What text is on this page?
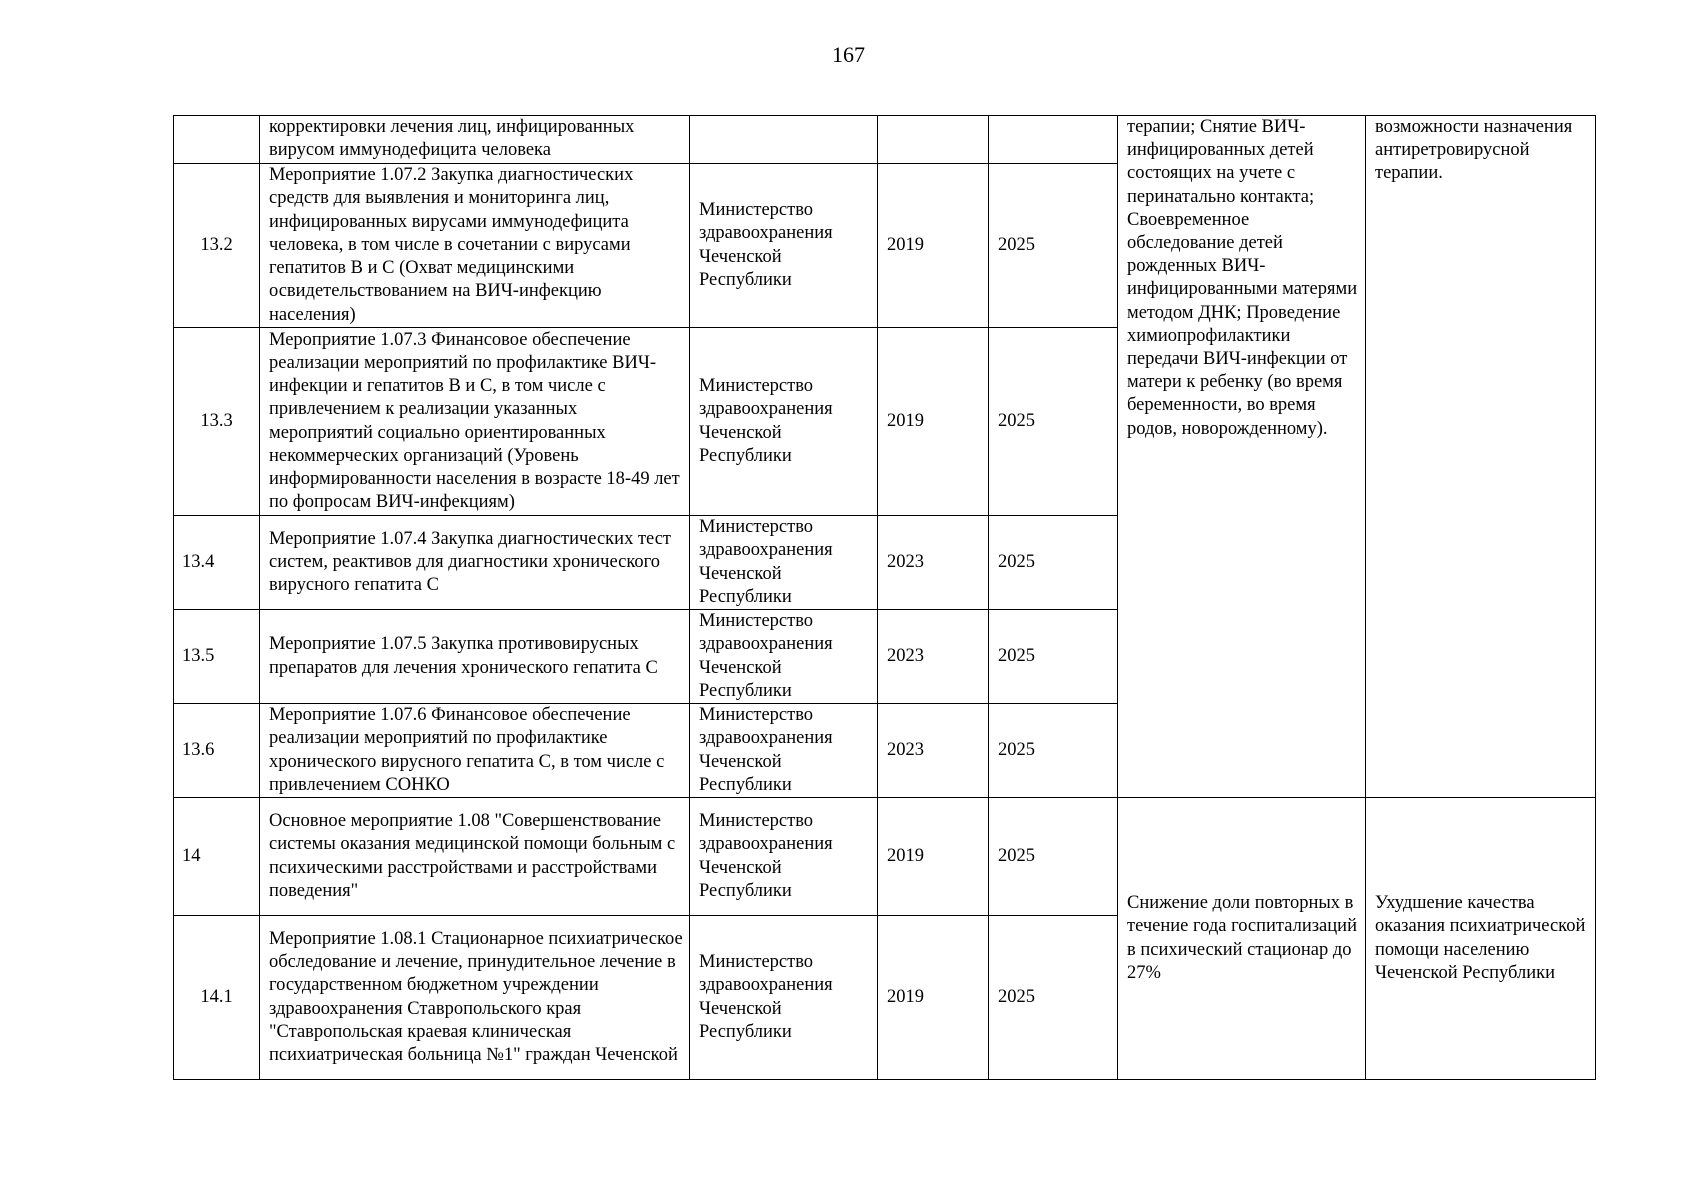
167
	корректировки лечения лиц, инфицированных вирусом иммунодефицита человека				терапии; Снятие ВИЧ-инфицированных детей состоящих на учете с перинатально контакта; Своевременное обследование детей рожденных ВИЧ-инфицированными матерями методом ДНК; Проведение химиопрофилактики передачи ВИЧ-инфекции от матери к ребенку (во время беременности, во время родов, новорожденному).	возможности назначения антиретровирусной терапии.
13.2	Мероприятие 1.07.2 Закупка диагностических средств для выявления и мониторинга лиц, инфицированных вирусами иммунодефицита человека, в том числе в сочетании с вирусами гепатитов В и С (Охват медицинскими освидетельствованием на ВИЧ-инфекцию населения)	Министерство здравоохранения Чеченской Республики	2019	2025		
13.3	Мероприятие 1.07.3 Финансовое обеспечение реализации мероприятий по профилактике ВИЧ-инфекции и гепатитов В и С, в том числе с привлечением к реализации указанных мероприятий социально ориентированных некоммерческих организаций (Уровень информированности населения в возрасте 18-49 лет по фопросам ВИЧ-инфекциям)	Министерство здравоохранения Чеченской Республики	2019	2025		
13.4	Мероприятие 1.07.4 Закупка диагностических тест систем, реактивов для диагностики хронического вирусного гепатита С	Министерство здравоохранения Чеченской Республики	2023	2025		
13.5	Мероприятие 1.07.5 Закупка противовирусных препаратов для лечения хронического гепатита С	Министерство здравоохранения Чеченской Республики	2023	2025		
13.6	Мероприятие 1.07.6 Финансовое обеспечение реализации мероприятий по профилактике хронического вирусного гепатита С, в том числе с привлечением СОНКО	Министерство здравоохранения Чеченской Республики	2023	2025		
14	Основное мероприятие 1.08 "Совершенствование системы оказания медицинской помощи больным с психическими расстройствами и расстройствами поведения"	Министерство здравоохранения Чеченской Республики	2019	2025	Снижение доли повторных в течение года госпитализаций в психический стационар до 27%	Ухудшение качества оказания психиатрической помощи населению Чеченской Республики
14.1	Мероприятие 1.08.1 Стационарное психиатрическое обследование и лечение, принудительное лечение в государственном бюджетном учреждении здравоохранения Ставропольского края "Ставропольская краевая клиническая психиатрическая больница №1" граждан Чеченской	Министерство здравоохранения Чеченской Республики	2019	2025		
